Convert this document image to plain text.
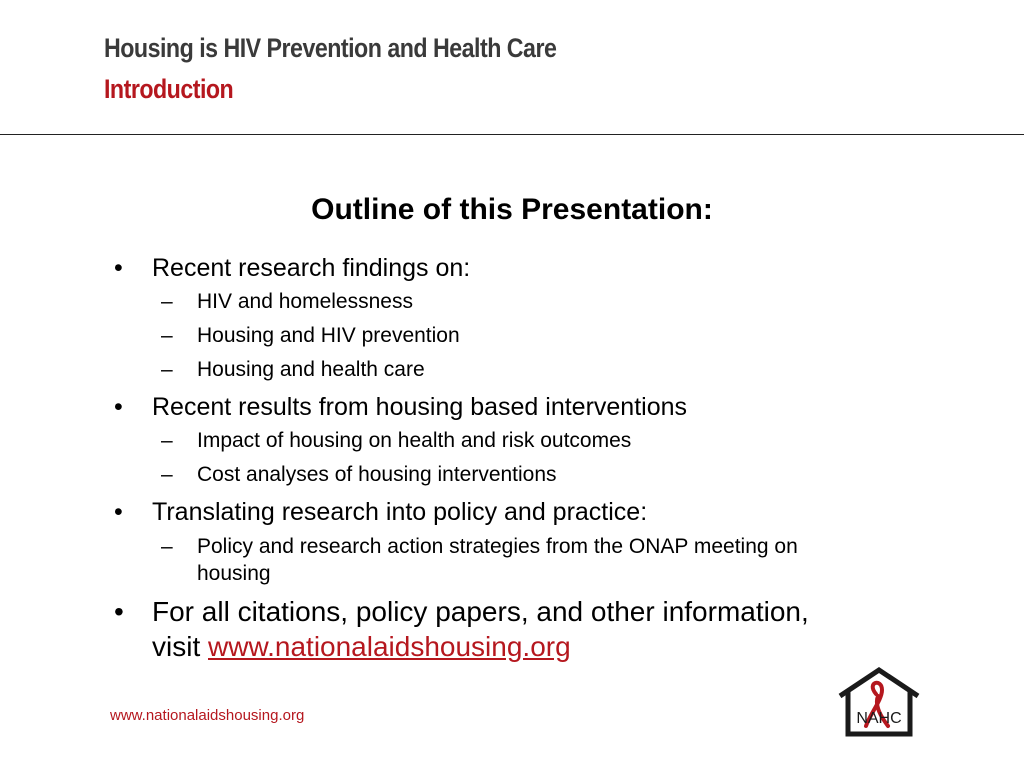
Housing is HIV Prevention and Health Care
Introduction
Outline of this Presentation:
• Recent research findings on:
– HIV and homelessness
– Housing and HIV prevention
– Housing and health care
• Recent results from housing based interventions
– Impact of housing on health and risk outcomes
– Cost analyses of housing interventions
• Translating research into policy and practice:
– Policy and research action strategies from the ONAP meeting on
housing
• For all citations, policy papers, and other information,
visit www.nationalaidshousing.org
www.nationalaidshousing.org	NAHC
